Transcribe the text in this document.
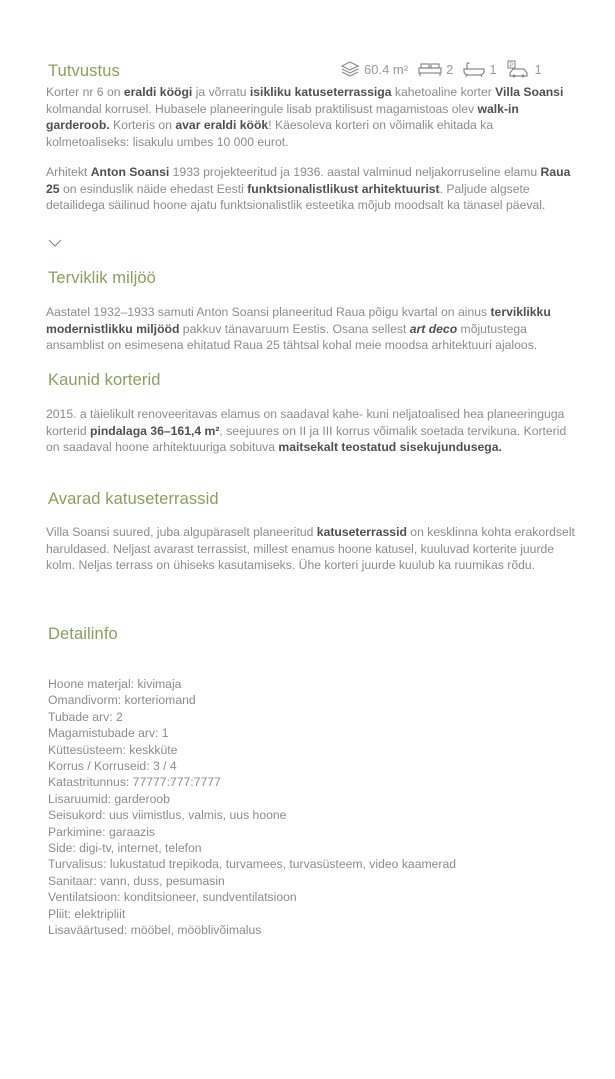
Tutvustus	60.4 m²	2	1 P 1

Korter nr 6 on eraldi köögi ja võrratu isikliku katuseterrassiga kahetoaline korter Villa Soansi kolmandal korrusel. Hubasele planeeringule lisab praktilisust magamistoas olev walk-in garderoob. Korteris on avar eraldi köök! Käesoleva korteri on võimalik ehitada ka kolmetoaliseks: lisakulu umbes 10 000 eurot.

Arhitekt Anton Soansi 1933 projekteeritud ja 1936. aastal valminud neljakorruseline elamu Raua 25 on esinduslik näide ehedast Eesti funktsionalistlikust arhitektuurist. Paljude algsete detailidega säilinud hoone ajatu funktsionalistlik esteetika mõjub moodsalt ka tänasel päeval.

Terviklik miljöö

Aastatel 1932–1933 samuti Anton Soansi planeeritud Raua põigu kvartal on ainus terviklikku modernistlikku miljööd pakkuv tänavaruum Eestis. Osana sellest art deco mõjutustega ansamblist on esimesena ehitatud Raua 25 tähtsal kohal meie moodsa arhitektuuri ajaloos.

Kaunid korterid

2015. a täielikult renoveeritavas elamus on saadaval kahe- kuni neljatoalised hea planeeringuga korterid pindalaga 36–161,4 m², seejuures on II ja III korrus võimalik soetada tervikuna. Korterid on saadaval hoone arhitektuuriga sobituva maitsekalt teostatud sisekujundusega.

Avarad katuseterrassid

Villa Soansi suured, juba algupäraselt planeeritud katuseterrassid on kesklinna kohta erakordselt haruldased. Neljast avarast terrassist, millest enamus hoone katusel, kuuluvad korterite juurde kolm. Neljas terrass on ühiseks kasutamiseks. Ühe korteri juurde kuulub ka ruumikas rõdu.

Detailinfo
Hoone materjal: kivimaja
Omandivorm: korteriomand
Tubade arv: 2
Magamistubade arv: 1
Küttesüsteem: keskküte
Korrus / Korruseid: 3 / 4
Katastritunnus: 77777:777:7777
Lisaruumid: garderoob
Seisukord: uus viimistlus, valmis, uus hoone
Parkimine: garaazis
Side: digi-tv, internet, telefon
Turvalisus: lukustatud trepikoda, turvamees, turvasüsteem, video kaamerad
Sanitaar: vann, duss, pesumasin
Ventilatsioon: konditsioneer, sundventilatsioon
Pliit: elektripliit
Lisaväärtused: mööbel, mööblivõimalus
